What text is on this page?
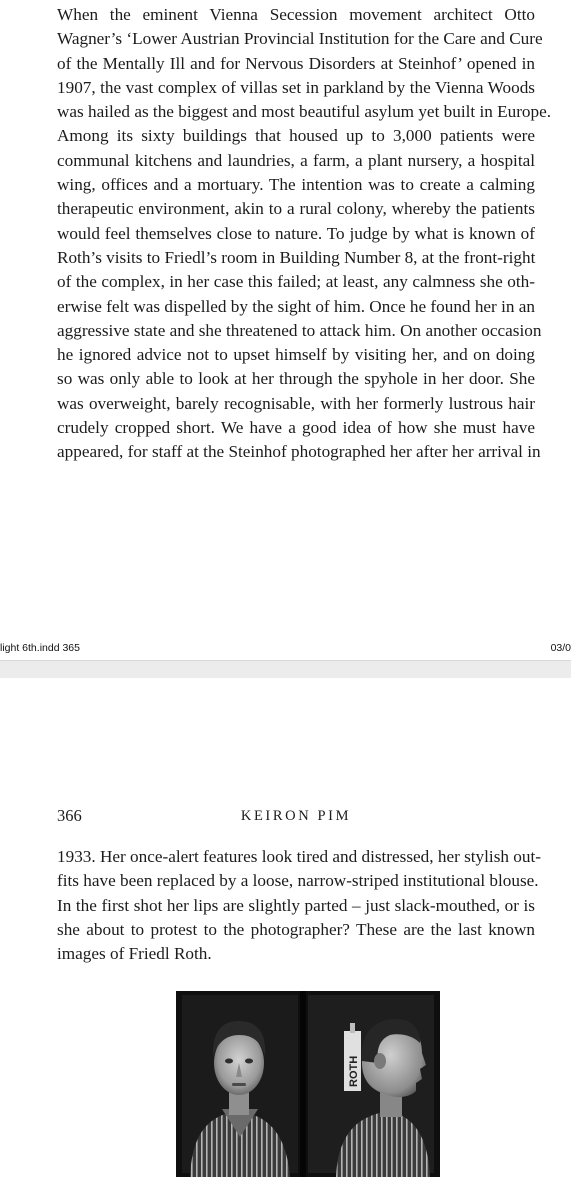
When the eminent Vienna Secession movement architect Otto
Wagner’s ‘Lower Austrian Provincial Institution for the Care and Cure
of the Mentally Ill and for Nervous Disorders at Steinhof’ opened in
1907, the vast complex of villas set in parkland by the Vienna Woods
was hailed as the biggest and most beautiful asylum yet built in Europe.
Among its sixty buildings that housed up to 3,000 patients were
communal kitchens and laundries, a farm, a plant nursery, a hospital
wing, offices and a mortuary. The intention was to create a calming
therapeutic environment, akin to a rural colony, whereby the patients
would feel themselves close to nature. To judge by what is known of
Roth’s visits to Friedl’s room in Building Number 8, at the front-right
of the complex, in her case this failed; at least, any calmness she oth-
erwise felt was dispelled by the sight of him. Once he found her in an
aggressive state and she threatened to attack him. On another occasion
he ignored advice not to upset himself by visiting her, and on doing
so was only able to look at her through the spyhole in her door. She
was overweight, barely recognisable, with her formerly lustrous hair
crudely cropped short. We have a good idea of how she must have
appeared, for staff at the Steinhof photographed her after her arrival in
light 6th.indd 365	03/0
366	KEIRON PIM
1933. Her once-alert features look tired and distressed, her stylish out-
fits have been replaced by a loose, narrow-striped institutional blouse.
In the first shot her lips are slightly parted – just slack-mouthed, or is
she about to protest to the photographer? These are the last known
images of Friedl Roth.
ROTH
